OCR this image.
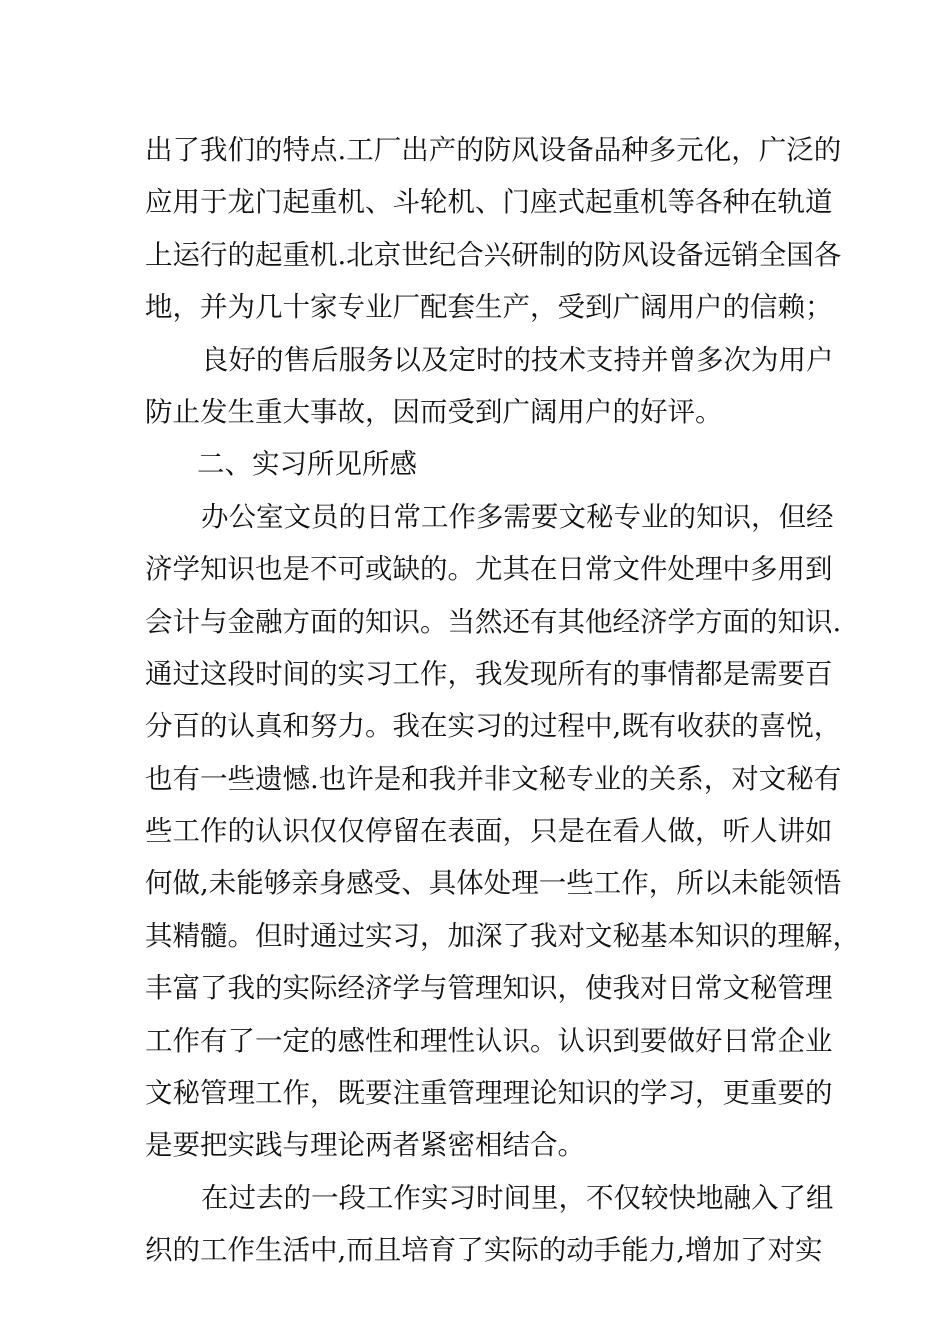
出了我们的特点.工厂出产的防风设备品种多元化，广泛的
应用于龙门起重机、斗轮机、门座式起重机等各种在轨道
上运行的起重机.北京世纪合兴研制的防风设备远销全国各
地，并为几十家专业厂配套生产，受到广阔用户的信赖；
良好的售后服务以及定时的技术支持并曾多次为用户
防止发生重大事故，因而受到广阔用户的好评。
二、实习所见所感
办公室文员的日常工作多需要文秘专业的知识，但经
济学知识也是不可或缺的。尤其在日常文件处理中多用到
会计与金融方面的知识。当然还有其他经济学方面的知识.
通过这段时间的实习工作，我发现所有的事情都是需要百
分百的认真和努力。我在实习的过程中,既有收获的喜悦，
也有一些遗憾.也许是和我并非文秘专业的关系，对文秘有
些工作的认识仅仅停留在表面，只是在看人做，听人讲如
何做,未能够亲身感受、具体处理一些工作，所以未能领悟
其精髓。但时通过实习，加深了我对文秘基本知识的理解，
丰富了我的实际经济学与管理知识，使我对日常文秘管理
工作有了一定的感性和理性认识。认识到要做好日常企业
文秘管理工作，既要注重管理理论知识的学习，更重要的
是要把实践与理论两者紧密相结合。
在过去的一段工作实习时间里，不仅较快地融入了组
织的工作生活中,而且培育了实际的动手能力,增加了对实
